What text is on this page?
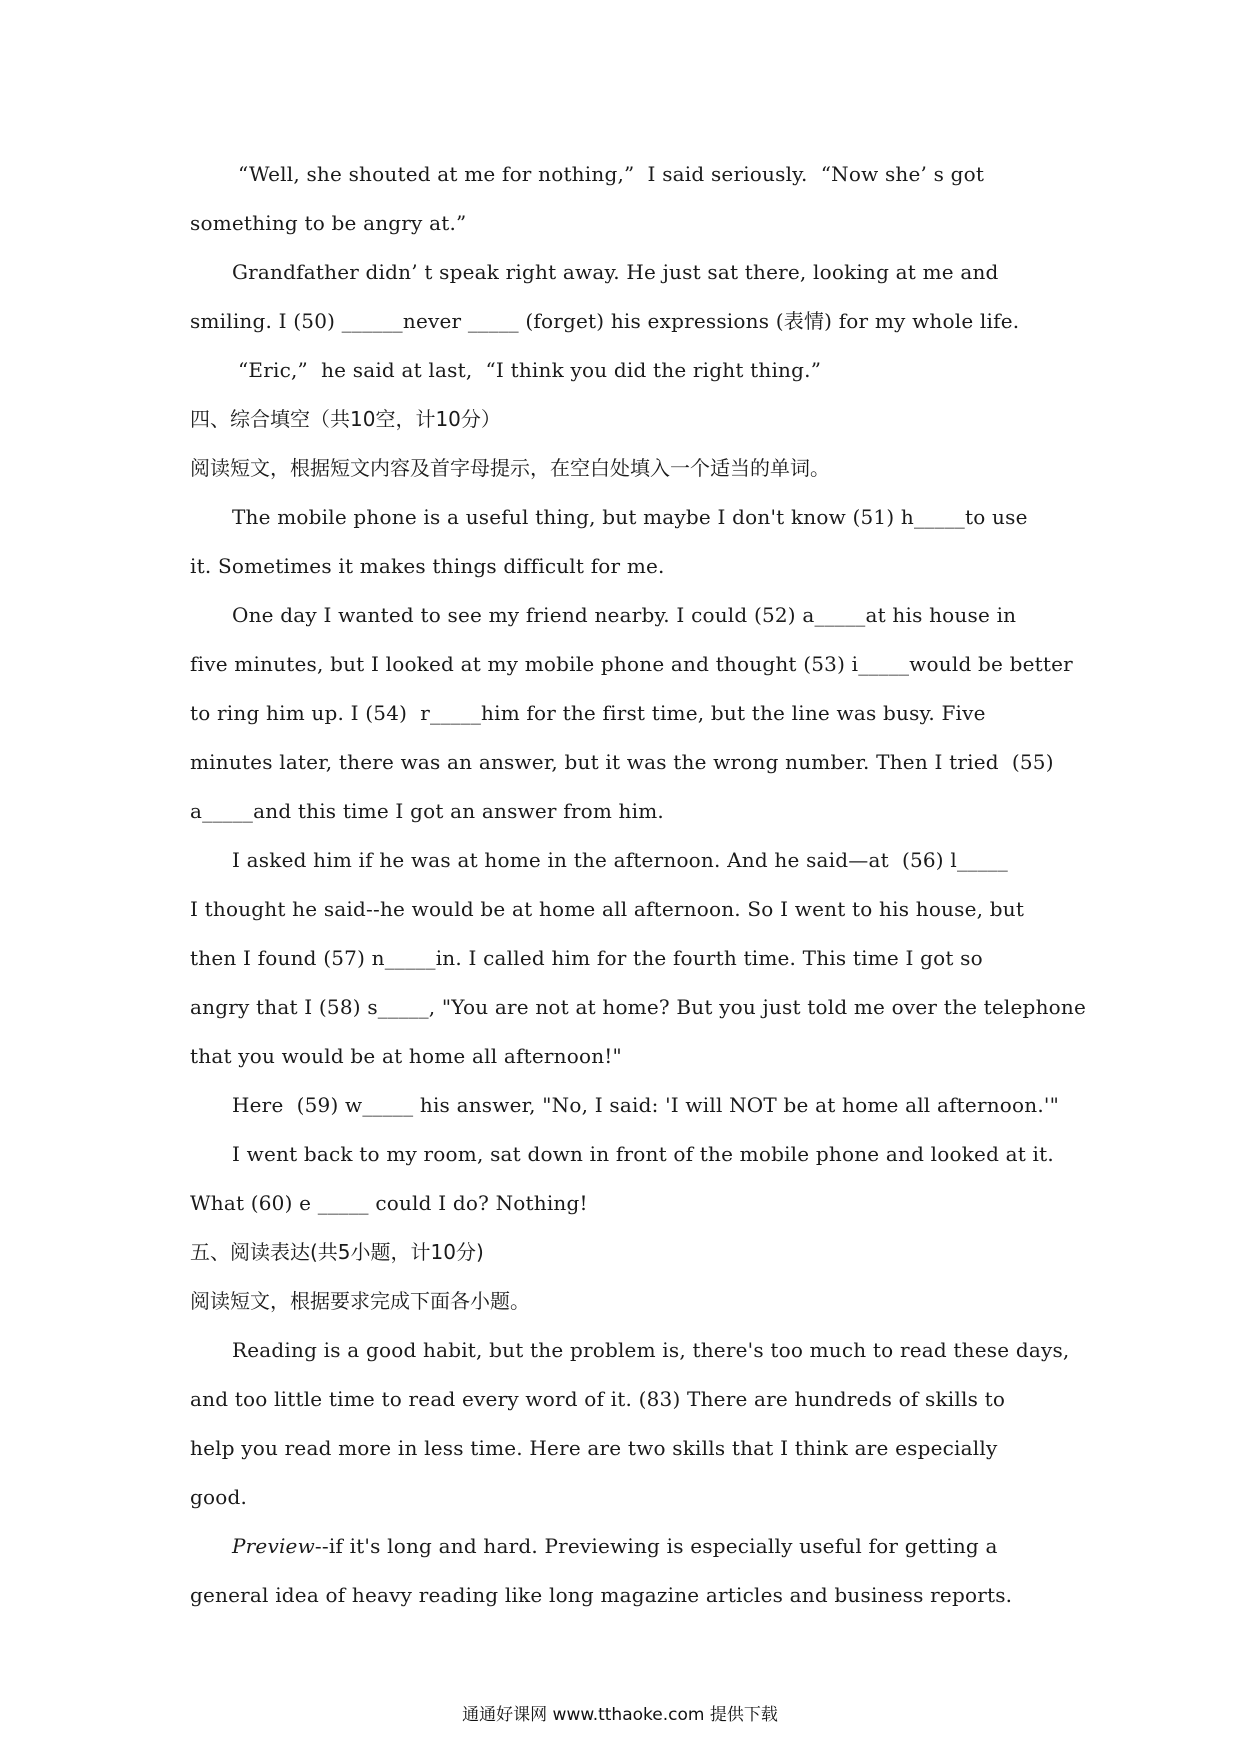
“Well, she shouted at me for nothing,”  I said seriously.  “Now she’ s got
something to be angry at.”
Grandfather didn’ t speak right away. He just sat there, looking at me and
smiling. I (50) ______never _____ (forget) his expressions (表情) for my whole life.
“Eric,”  he said at last,  “I think you did the right thing.”
四、综合填空（共10空，计10分）
阅读短文，根据短文内容及首字母提示，在空白处填入一个适当的单词。
The mobile phone is a useful thing, but maybe I don't know (51) h_____to use
it. Sometimes it makes things difficult for me.
One day I wanted to see my friend nearby. I could (52) a_____at his house in
five minutes, but I looked at my mobile phone and thought (53) i_____would be better
to ring him up. I (54)  r_____him for the first time, but the line was busy. Five
minutes later, there was an answer, but it was the wrong number. Then I tried  (55)
a_____and this time I got an answer from him.
I asked him if he was at home in the afternoon. And he said—at  (56) l_____
I thought he said--he would be at home all afternoon. So I went to his house, but
then I found (57) n_____in. I called him for the fourth time. This time I got so
angry that I (58) s_____, "You are not at home? But you just told me over the telephone
that you would be at home all afternoon!"
Here  (59) w_____ his answer, "No, I said: 'I will NOT be at home all afternoon.'"
I went back to my room, sat down in front of the mobile phone and looked at it.
What (60) e _____ could I do? Nothing!
五、阅读表达(共5小题，计10分)
阅读短文，根据要求完成下面各小题。
Reading is a good habit, but the problem is, there's too much to read these days,
and too little time to read every word of it. (83) There are hundreds of skills to
help you read more in less time. Here are two skills that I think are especially
good.
Preview--if it's long and hard. Previewing is especially useful for getting a
general idea of heavy reading like long magazine articles and business reports.
通通好课网 www.tthaoke.com 提供下载
